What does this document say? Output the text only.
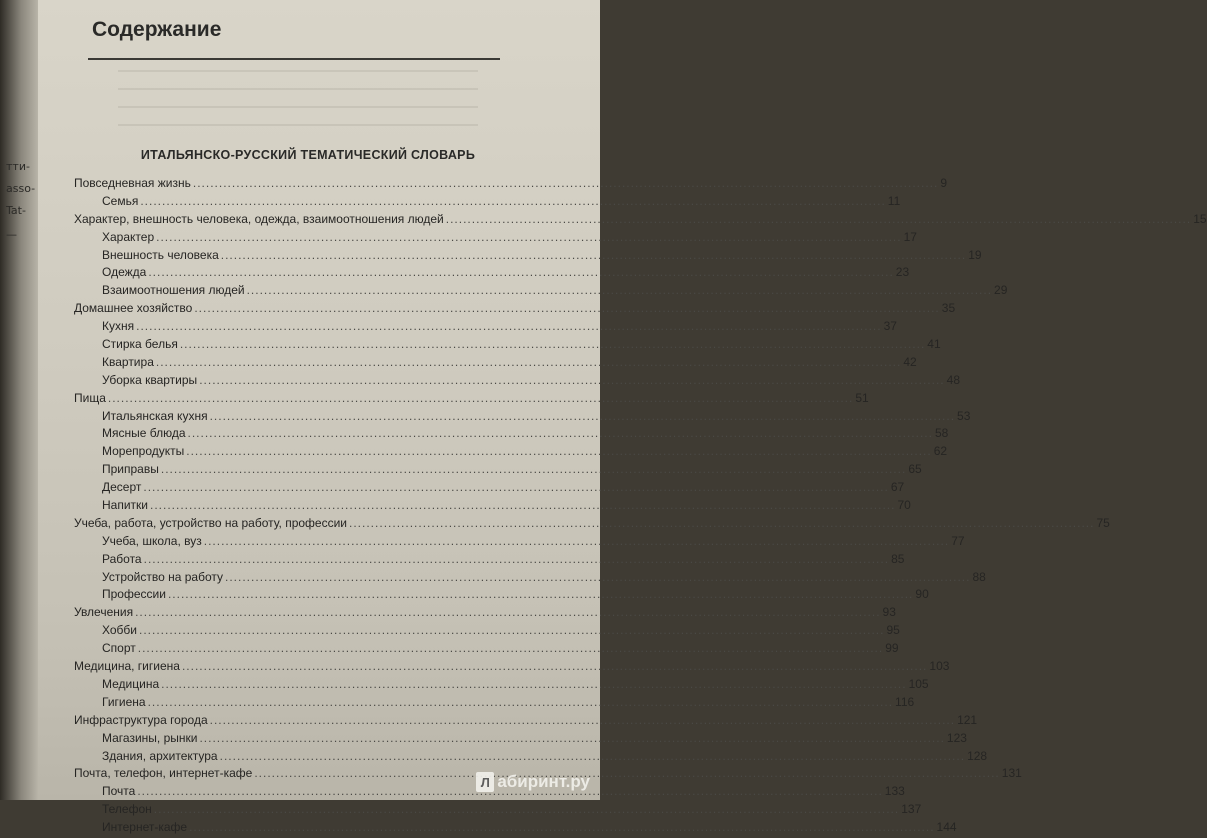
тти-
asso-
Tat-
—
Содержание
ИТАЛЬЯНСКО-РУССКИЙ ТЕМАТИЧЕСКИЙ СЛОВАРЬ
Повседневная жизнь .....	9
Семья .....	11
Характер, внешность человека, одежда, взаимоотношения людей .....	15
Характер .....	17
Внешность человека .....	19
Одежда .....	23
Взаимоотношения людей .....	29
Домашнее хозяйство .....	35
Кухня .....	37
Стирка белья .....	41
Квартира .....	42
Уборка квартиры .....	48
Пища .....	51
Итальянская кухня .....	53
Мясные блюда .....	58
Морепродукты .....	62
Приправы .....	65
Десерт .....	67
Напитки .....	70
Учеба, работа, устройство на работу, профессии .....	75
Учеба, школа, вуз .....	77
Работа .....	85
Устройство на работу .....	88
Профессии .....	90
Увлечения .....	93
Хобби .....	95
Спорт .....	99
Медицина, гигиена .....	103
Медицина .....	105
Гигиена .....	116
Инфраструктура города .....	121
Магазины, рынки .....	123
Здания, архитектура .....	128
Почта, телефон, интернет-кафе .....	131
Почта .....	133
Телефон .....	137
Интернет-кафе .....	144
Л абиринт.ру
